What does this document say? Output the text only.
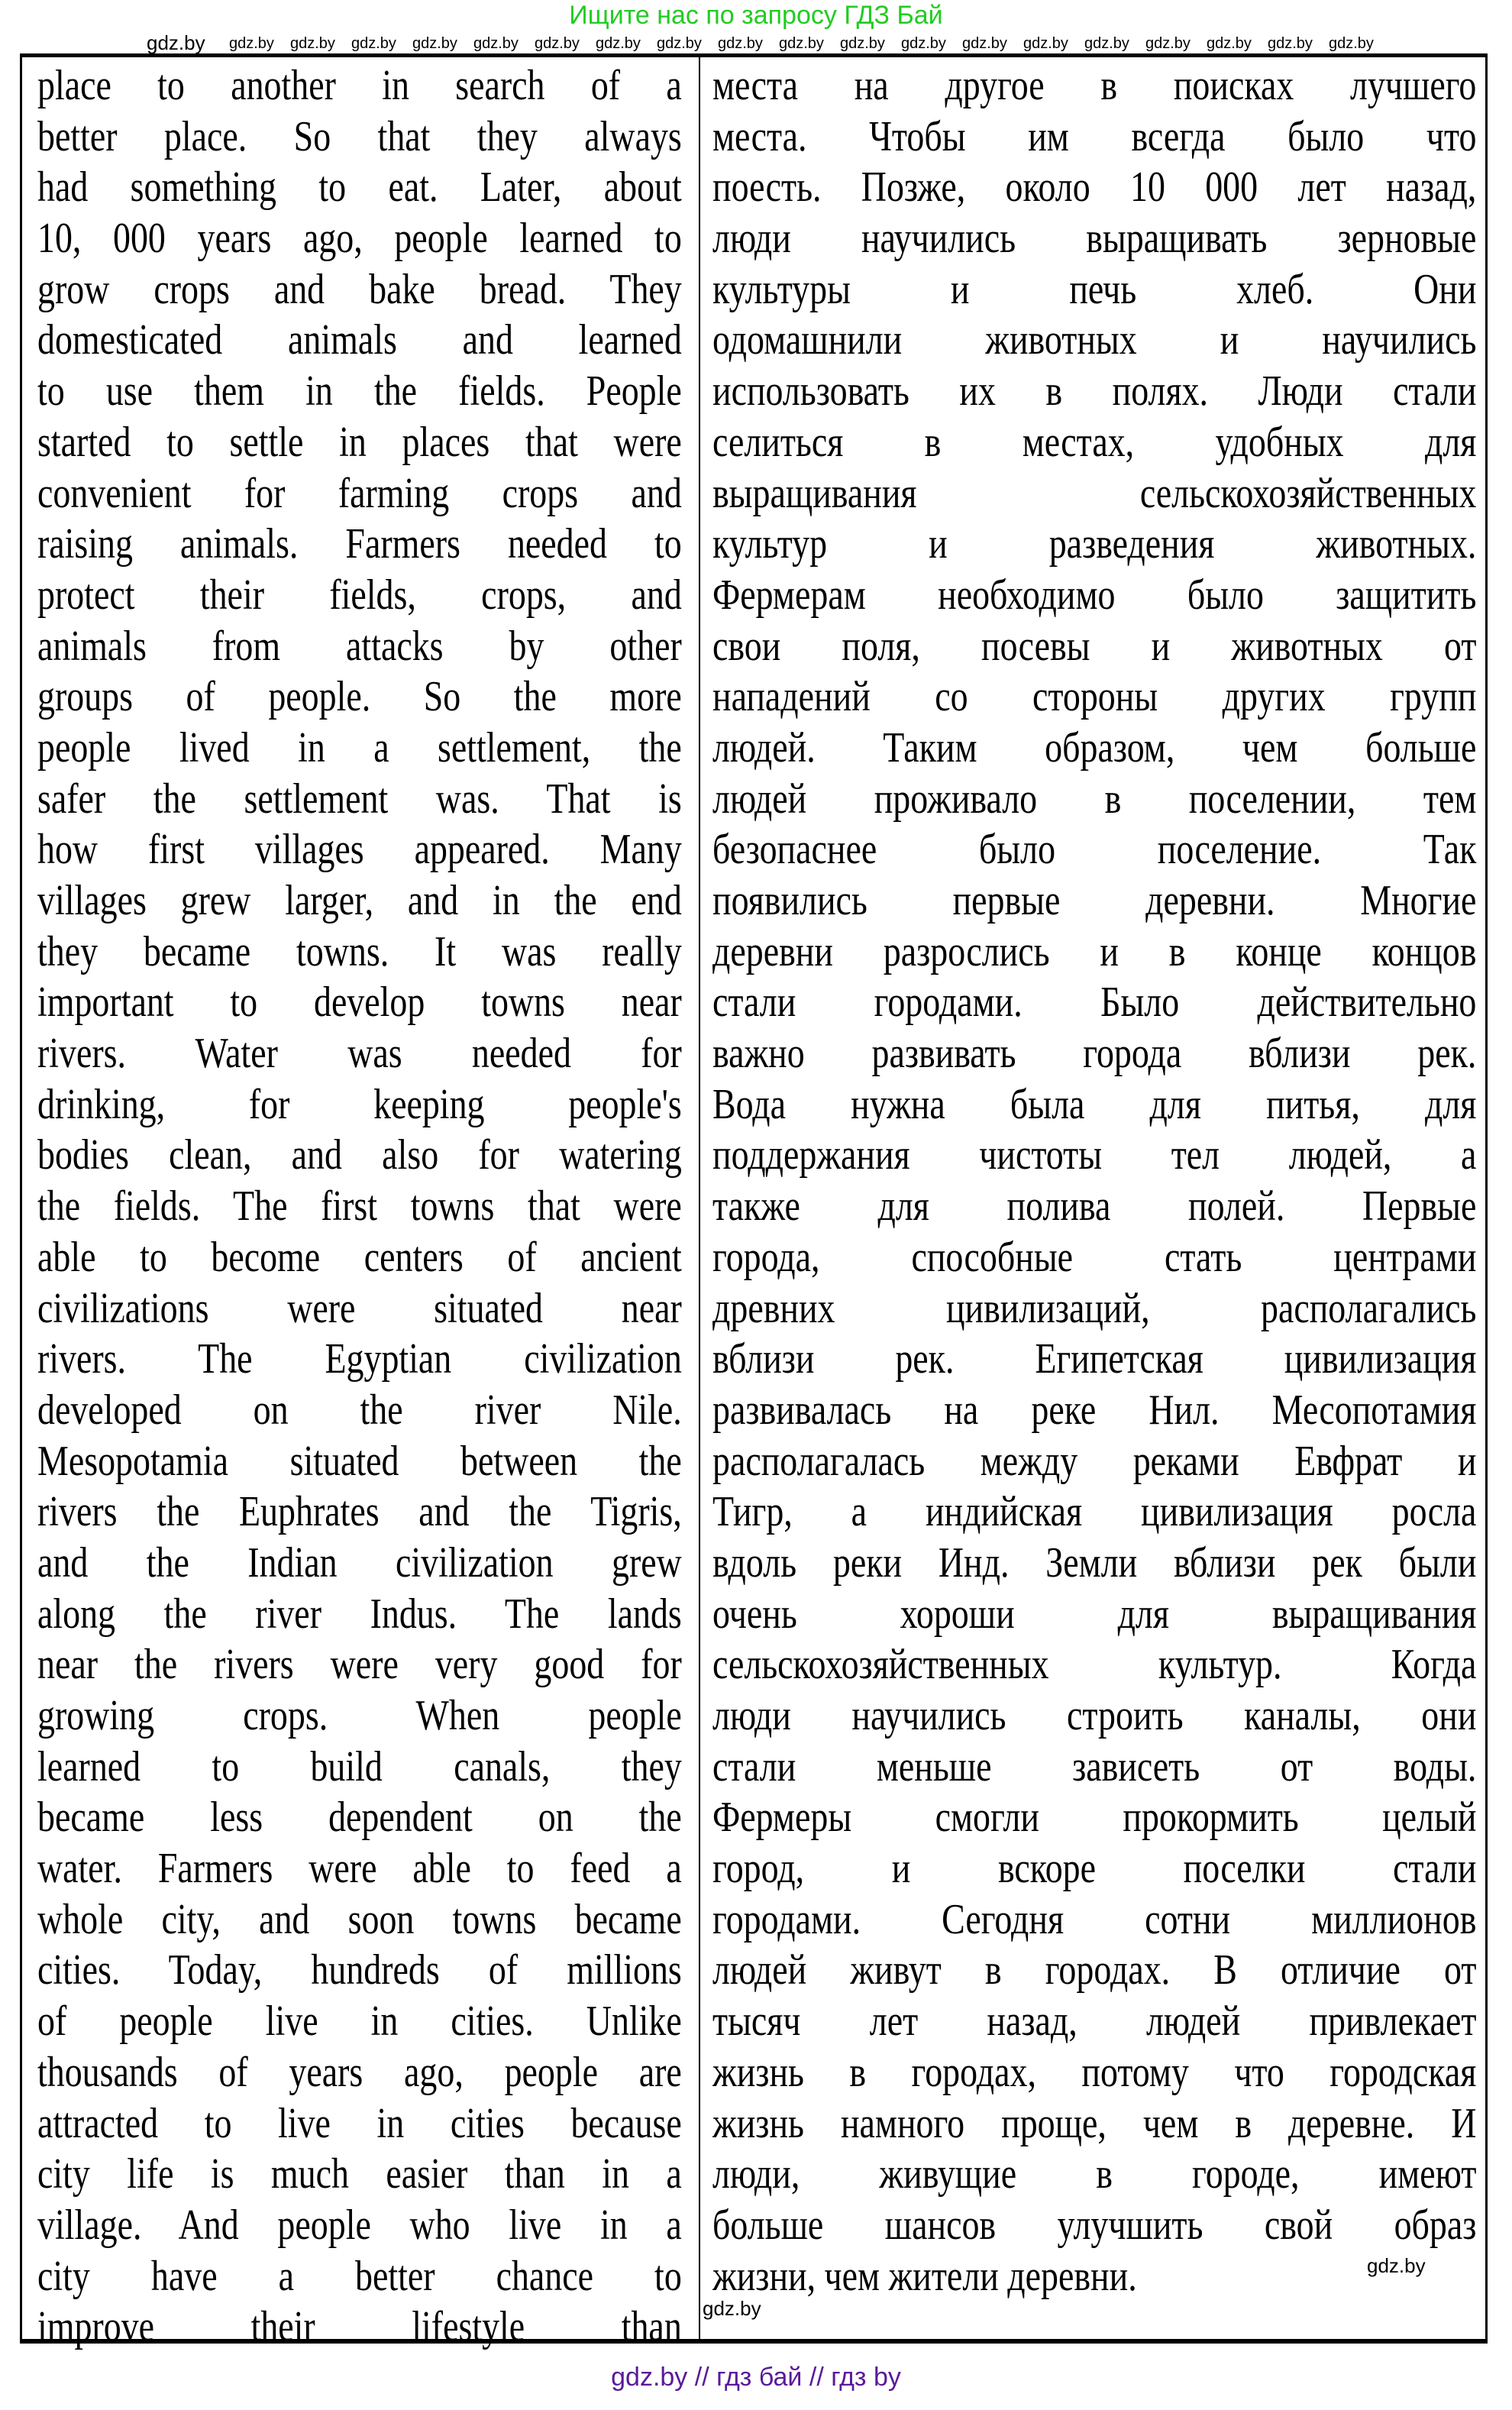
Ищите нас по запросу ГДЗ Бай
gdz.by
place to another in search of a
better place. So that they always
had something to eat. Later, about
10, 000 years ago, people learned to
grow crops and bake bread. They
domesticated animals and learned
to use them in the fields. People
started to settle in places that were
convenient for farming crops and
raising animals. Farmers needed to
protect their fields, crops, and
animals from attacks by other
groups of people. So the more
people lived in a settlement, the
safer the settlement was. That is
how first villages appeared. Many
villages grew larger, and in the end
they became towns. It was really
important to develop towns near
rivers. Water was needed for
drinking, for keeping people's
bodies clean, and also for watering
the fields. The first towns that were
able to become centers of ancient
civilizations were situated near
rivers. The Egyptian civilization
developed on the river Nile.
Mesopotamia situated between the
rivers the Euphrates and the Tigris,
and the Indian civilization grew
along the river Indus. The lands
near the rivers were very good for
growing crops. When people
learned to build canals, they
became less dependent on the
water. Farmers were able to feed a
whole city, and soon towns became
cities. Today, hundreds of millions
of people live in cities. Unlike
thousands of years ago, people are
attracted to live in cities because
city life is much easier than in a
village. And people who live in a
city have a better chance to
improve their lifestyle than
места на другое в поисках лучшего
места. Чтобы им всегда было что
поесть. Позже, около 10 000 лет назад,
люди научились выращивать зерновые
культуры и печь хлеб. Они
одомашнили животных и научились
использовать их в полях. Люди стали
селиться в местах, удобных для
выращивания сельскохозяйственных
культур и разведения животных.
Фермерам необходимо было защитить
свои поля, посевы и животных от
нападений со стороны других групп
людей. Таким образом, чем больше
людей проживало в поселении, тем
безопаснее было поселение. Так
появились первые деревни. Многие
деревни разрослись и в конце концов
стали городами. Было действительно
важно развивать города вблизи рек.
Вода нужна была для питья, для
поддержания чистоты тел людей, а
также для полива полей. Первые
города, способные стать центрами
древних цивилизаций, располагались
вблизи рек. Египетская цивилизация
развивалась на реке Нил. Месопотамия
располагалась между реками Евфрат и
Тигр, а индийская цивилизация росла
вдоль реки Инд. Земли вблизи рек были
очень хороши для выращивания
сельскохозяйственных культур. Когда
люди научились строить каналы, они
стали меньше зависеть от воды.
Фермеры смогли прокормить целый
город, и вскоре поселки стали
городами. Сегодня сотни миллионов
людей живут в городах. В отличие от
тысяч лет назад, людей привлекает
жизнь в городах, потому что городская
жизнь намного проще, чем в деревне. И
люди, живущие в городе, имеют
больше шансов улучшить свой образ
жизни, чем жители деревни.
gdz.by gdz.by gdz.by gdz.by gdz.by gdz.by gdz.by gdz.by gdz.by gdz.by gdz.by gdz.by gdz.by gdz.by gdz.by gdz.by gdz.by gdz.by gdz.by
gdz.by
gdz.by
gdz.by // гдз бай // гдз by
